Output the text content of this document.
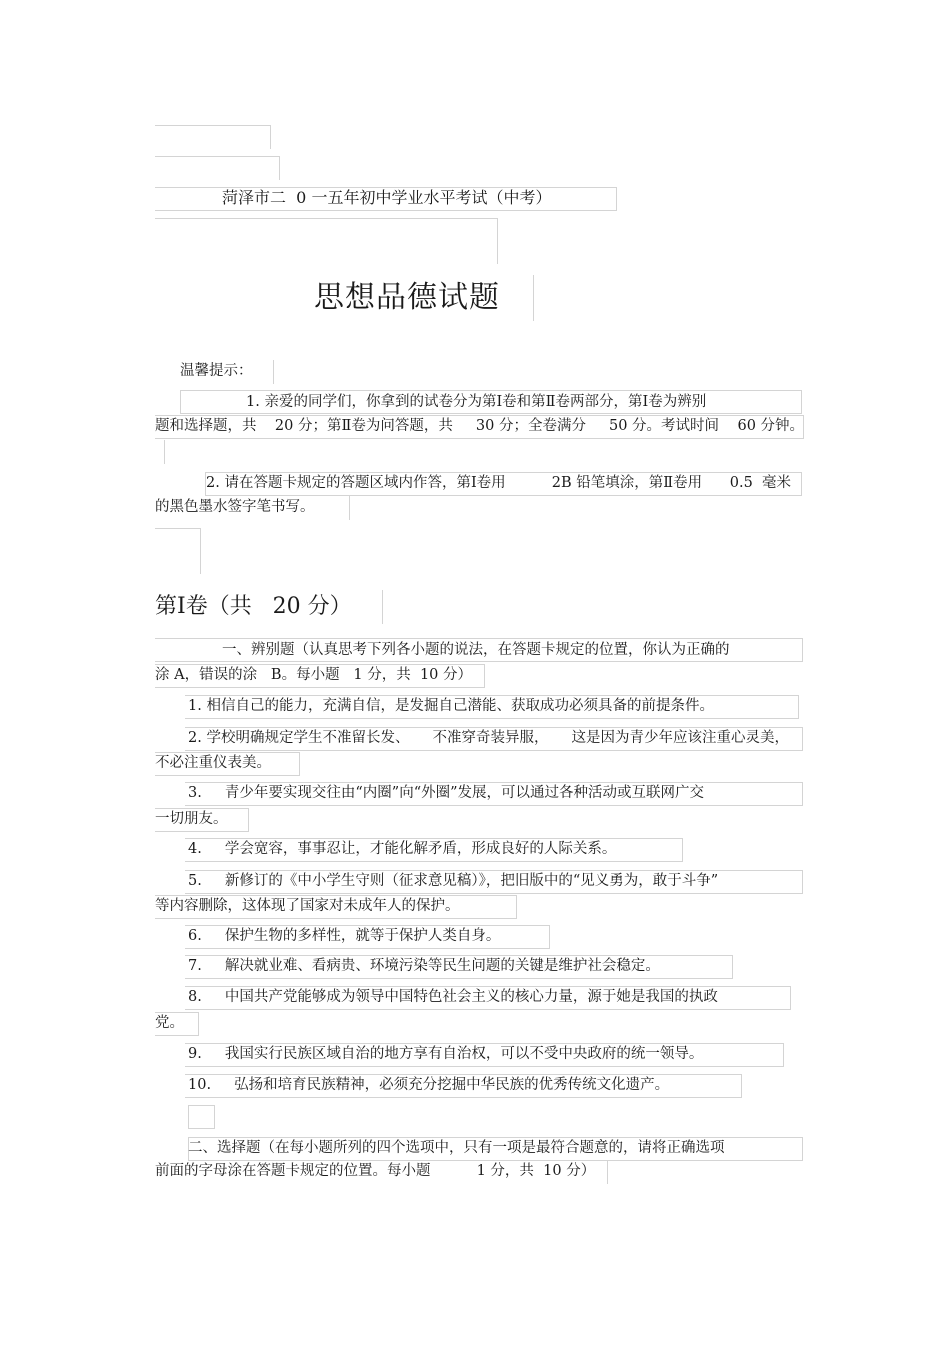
菏泽市二  0 一五年初中学业水平考试（中考）
思想品德试题
温馨提示：
1. 亲爱的同学们，你拿到的试卷分为第Ⅰ卷和第Ⅱ卷两部分，第Ⅰ卷为辨别
题和选择题，共    20 分；第Ⅱ卷为问答题，共     30 分；全卷满分     50 分。考试时间    60 分钟。
2. 请在答题卡规定的答题区域内作答，第Ⅰ卷用          2B 铅笔填涂，第Ⅱ卷用      0.5  毫米
的黑色墨水签字笔书写。
第Ⅰ卷（共   20 分）
一、辨别题（认真思考下列各小题的说法，在答题卡规定的位置，你认为正确的
涂 A，错误的涂   B。每小题   1 分，共  10 分）
1. 相信自己的能力，充满自信，是发掘自己潜能、获取成功必须具备的前提条件。
2. 学校明确规定学生不准留长发、     不准穿奇装异服，     这是因为青少年应该注重心灵美，
不必注重仪表美。
3.     青少年要实现交往由“内圈”向“外圈”发展，可以通过各种活动或互联网广交
一切朋友。
4.     学会宽容，事事忍让，才能化解矛盾，形成良好的人际关系。
5.     新修订的《中小学生守则（征求意见稿）》，把旧版中的“见义勇为，敢于斗争”
等内容删除，这体现了国家对未成年人的保护。
6.     保护生物的多样性，就等于保护人类自身。
7.     解决就业难、看病贵、环境污染等民生问题的关键是维护社会稳定。
8.     中国共产党能够成为领导中国特色社会主义的核心力量，源于她是我国的执政
党。
9.     我国实行民族区域自治的地方享有自治权，可以不受中央政府的统一领导。
10.     弘扬和培育民族精神，必须充分挖掘中华民族的优秀传统文化遗产。
二、选择题（在每小题所列的四个选项中，只有一项是最符合题意的，请将正确选项
前面的字母涂在答题卡规定的位置。每小题          1 分，共  10 分）
